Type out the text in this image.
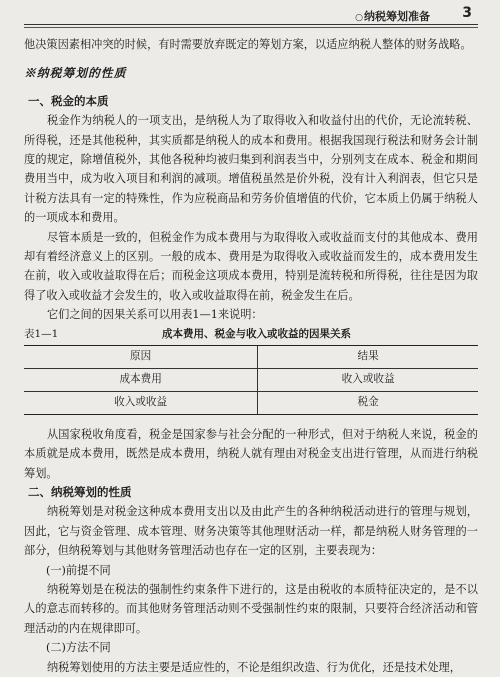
○ 纳税筹划准备 3

他决策因素相冲突的时候，有时需要放弃既定的筹划方案，以适应纳税人整体的财务战略。

※纳税筹划的性质

一、税金的本质

税金作为纳税人的一项支出，是纳税人为了取得收入和收益付出的代价，无论流转税、所得税，还是其他税种，其实质都是纳税人的成本和费用。根据我国现行税法和财务会计制度的规定，除增值税外，其他各税种均被归集到利润表当中，分别列支在成本、税金和期间费用当中，成为收入项目和利润的减项。增值税虽然是价外税，没有计入利润表，但它只是计税方法具有一定的特殊性，作为应税商品和劳务价值增值的代价，它本质上仍属于纳税人的一项成本和费用。

尽管本质是一致的，但税金作为成本费用与为取得收入或收益而支付的其他成本、费用却有着经济意义上的区别。一般的成本、费用是为取得收入或收益而发生的，成本费用发生在前，收入或收益取得在后；而税金这项成本费用，特别是流转税和所得税，往往是因为取得了收入或收益才会发生的，收入或收益取得在前，税金发生在后。

它们之间的因果关系可以用表1—1来说明：

表1—1	成本费用、税金与收入或收益的因果关系
原因	结果
成本费用	收入或收益
收入或收益	税金

从国家税收角度看，税金是国家参与社会分配的一种形式，但对于纳税人来说，税金的本质就是成本费用，既然是成本费用，纳税人就有理由对税金支出进行管理，从而进行纳税筹划。

二、纳税筹划的性质

纳税筹划是对税金这种成本费用支出以及由此产生的各种纳税活动进行的管理与规划，因此，它与资金管理、成本管理、财务决策等其他理财活动一样，都是纳税人财务管理的一部分，但纳税筹划与其他财务管理活动也存在一定的区别，主要表现为：

(一)前提不同

纳税筹划是在税法的强制性约束条件下进行的，这是由税收的本质特征决定的，是不以人的意志而转移的。而其他财务管理活动则不受强制性约束的限制，只要符合经济活动和管理活动的内在规律即可。

(二)方法不同

纳税筹划使用的方法主要是适应性的，不论是组织改造、行为优化，还是技术处理，
